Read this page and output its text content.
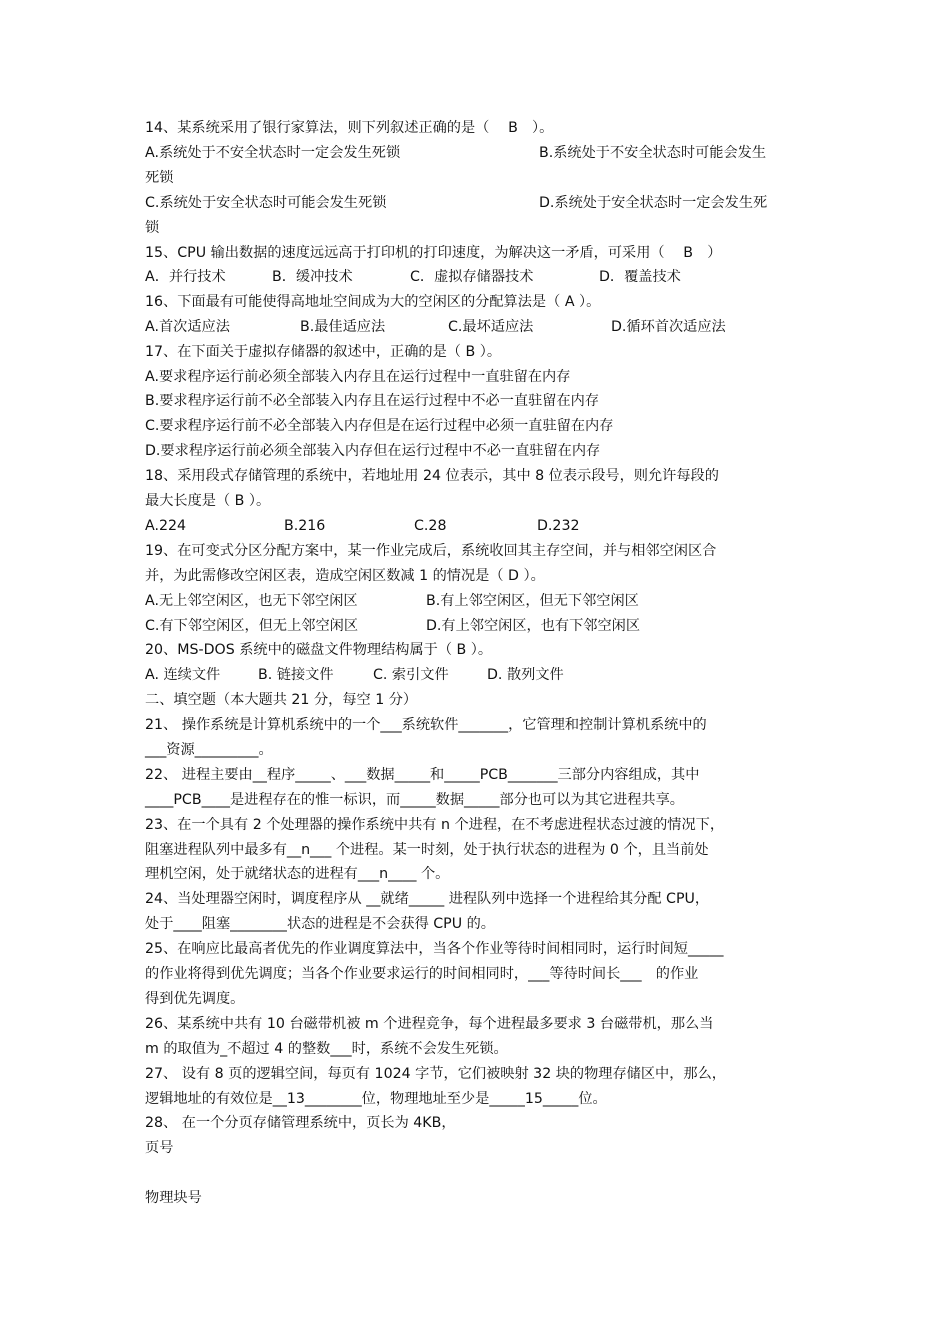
14、某系统采用了银行家算法，则下列叙述正确的是（　 B　）。
A.系统处于不安全状态时一定会发生死锁	B.系统处于不安全状态时可能会发生
死锁
C.系统处于安全状态时可能会发生死锁	D.系统处于安全状态时一定会发生死
锁
15、CPU 输出数据的速度远远高于打印机的打印速度，为解决这一矛盾，可采用（　 B　）
A．并行技术	B．缓冲技术	C．虚拟存储器技术	D．覆盖技术
16、下面最有可能使得高地址空间成为大的空闲区的分配算法是（ A ）。
A.首次适应法	B.最佳适应法	C.最坏适应法	D.循环首次适应法
17、在下面关于虚拟存储器的叙述中，正确的是（ B ）。
A.要求程序运行前必须全部装入内存且在运行过程中一直驻留在内存
B.要求程序运行前不必全部装入内存且在运行过程中不必一直驻留在内存
C.要求程序运行前不必全部装入内存但是在运行过程中必须一直驻留在内存
D.要求程序运行前必须全部装入内存但在运行过程中不必一直驻留在内存
18、采用段式存储管理的系统中，若地址用 24 位表示，其中 8 位表示段号，则允许每段的
最大长度是（ B ）。
A.224	B.216	C.28	D.232
19、在可变式分区分配方案中，某一作业完成后，系统收回其主存空间，并与相邻空闲区合
并，为此需修改空闲区表，造成空闲区数减 1 的情况是（ D ）。
A.无上邻空闲区，也无下邻空闲区	B.有上邻空闲区，但无下邻空闲区
C.有下邻空闲区，但无上邻空闲区	D.有上邻空闲区，也有下邻空闲区
20、MS-DOS 系统中的磁盘文件物理结构属于（ B ）。
A. 连续文件	B. 链接文件	C. 索引文件	D. 散列文件
二、填空题（本大题共 21 分，每空 1 分）
21、 操作系统是计算机系统中的一个___系统软件_______，它管理和控制计算机系统中的
___资源_________。
22、 进程主要由__程序_____、___数据_____和_____PCB_______三部分内容组成，其中
____PCB____是进程存在的惟一标识，而_____数据_____部分也可以为其它进程共享。
23、在一个具有 2 个处理器的操作系统中共有 n 个进程，在不考虑进程状态过渡的情况下，
阻塞进程队列中最多有__n___ 个进程。某一时刻，处于执行状态的进程为 0 个，且当前处
理机空闲，处于就绪状态的进程有___n____ 个。
24、当处理器空闲时，调度程序从 __就绪_____ 进程队列中选择一个进程给其分配 CPU，
处于____阻塞________状态的进程是不会获得 CPU 的。
25、在响应比最高者优先的作业调度算法中，当各个作业等待时间相同时，运行时间短_____
的作业将得到优先调度；当各个作业要求运行的时间相同时，___等待时间长___　的作业
得到优先调度。
26、某系统中共有 10 台磁带机被 m 个进程竞争，每个进程最多要求 3 台磁带机，那么当
m 的取值为_不超过 4 的整数___时，系统不会发生死锁。
27、 设有 8 页的逻辑空间，每页有 1024 字节，它们被映射 32 块的物理存储区中，那么，
逻辑地址的有效位是__13________位，物理地址至少是_____15_____位。
28、 在一个分页存储管理系统中，页长为 4KB，
页号
物理块号
